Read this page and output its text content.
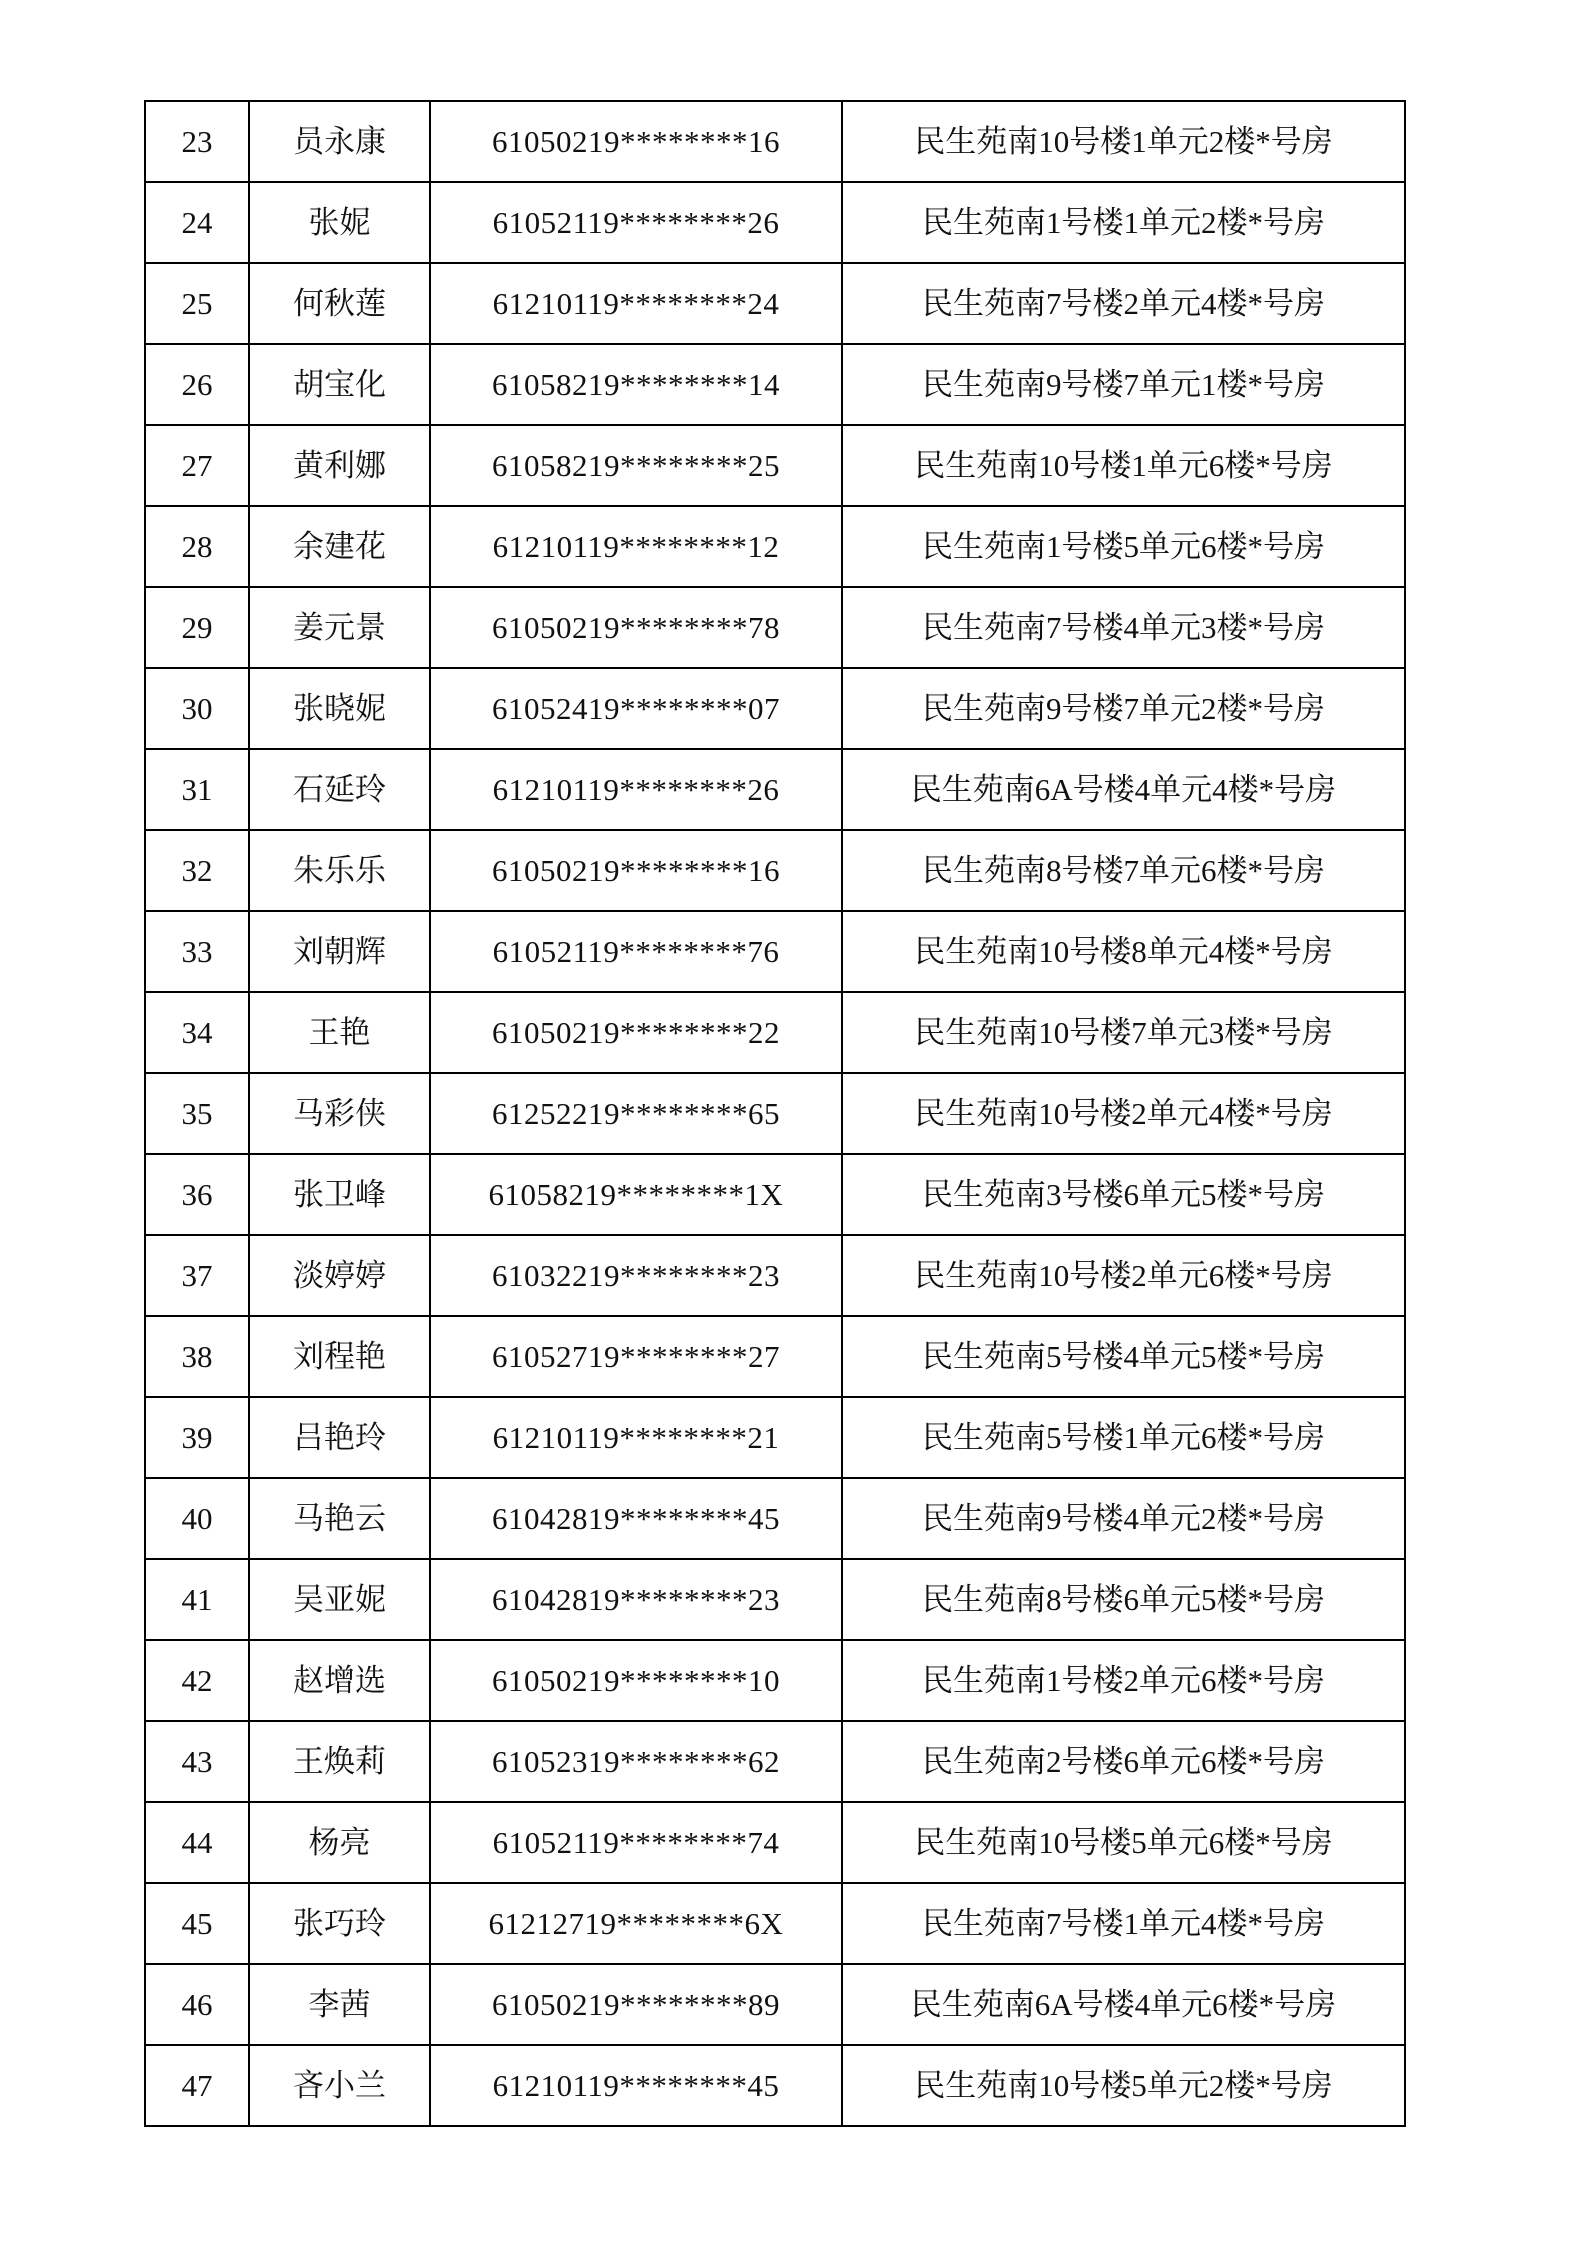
23	员永康	61050219********16	民生苑南10号楼1单元2楼*号房
24	张妮	61052119********26	民生苑南1号楼1单元2楼*号房
25	何秋莲	61210119********24	民生苑南7号楼2单元4楼*号房
26	胡宝化	61058219********14	民生苑南9号楼7单元1楼*号房
27	黄利娜	61058219********25	民生苑南10号楼1单元6楼*号房
28	余建花	61210119********12	民生苑南1号楼5单元6楼*号房
29	姜元景	61050219********78	民生苑南7号楼4单元3楼*号房
30	张晓妮	61052419********07	民生苑南9号楼7单元2楼*号房
31	石延玲	61210119********26	民生苑南6A号楼4单元4楼*号房
32	朱乐乐	61050219********16	民生苑南8号楼7单元6楼*号房
33	刘朝辉	61052119********76	民生苑南10号楼8单元4楼*号房
34	王艳	61050219********22	民生苑南10号楼7单元3楼*号房
35	马彩侠	61252219********65	民生苑南10号楼2单元4楼*号房
36	张卫峰	61058219********1X	民生苑南3号楼6单元5楼*号房
37	淡婷婷	61032219********23	民生苑南10号楼2单元6楼*号房
38	刘程艳	61052719********27	民生苑南5号楼4单元5楼*号房
39	吕艳玲	61210119********21	民生苑南5号楼1单元6楼*号房
40	马艳云	61042819********45	民生苑南9号楼4单元2楼*号房
41	吴亚妮	61042819********23	民生苑南8号楼6单元5楼*号房
42	赵增选	61050219********10	民生苑南1号楼2单元6楼*号房
43	王焕莉	61052319********62	民生苑南2号楼6单元6楼*号房
44	杨亮	61052119********74	民生苑南10号楼5单元6楼*号房
45	张巧玲	61212719********6X	民生苑南7号楼1单元4楼*号房
46	李茜	61050219********89	民生苑南6A号楼4单元6楼*号房
47	吝小兰	61210119********45	民生苑南10号楼5单元2楼*号房
